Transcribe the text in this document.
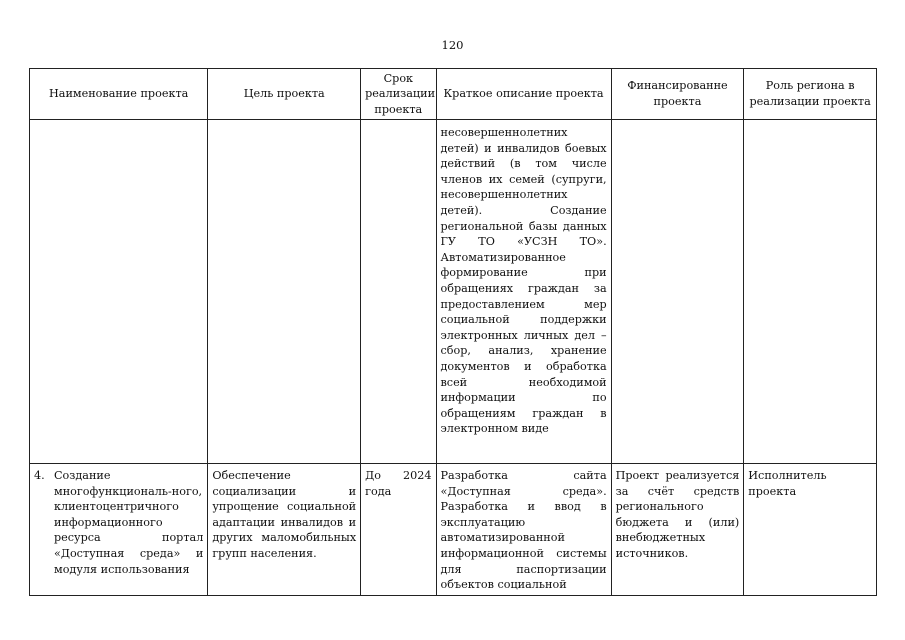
120
Наименование проекта	Цель проекта	Срок реализации проекта	Краткое описание проекта	Финансированне проекта	Роль региона в реализации проекта
			несовершеннолетних детей) и инвалидов боевых действий (в том числе членов их семей (супруги, несовершеннолетних детей). Создание региональной базы данных ГУ ТО «УСЗН ТО». Автоматизированное формирование при обращениях граждан за предоставлением мер социальной поддержки электронных личных дел – сбор, анализ, хранение документов и обработка всей необходимой информации по обращениям граждан в электронном виде		

4. Создание многофункциональ-ного, клиентоцентричного информационного ресурса портал «Доступная среда» и модуля использования	Обеспечение социализации и упрощение социальной адаптации инвалидов и других маломобильных групп населения.	До 2024 года	Разработка сайта «Доступная среда». Разработка и ввод в эксплуатацию автоматизированной информационной системы для паспортизации объектов социальной	Проект реализуется за счёт средств регионального бюджета и (или) внебюджетных источников.	Исполнитель проекта
